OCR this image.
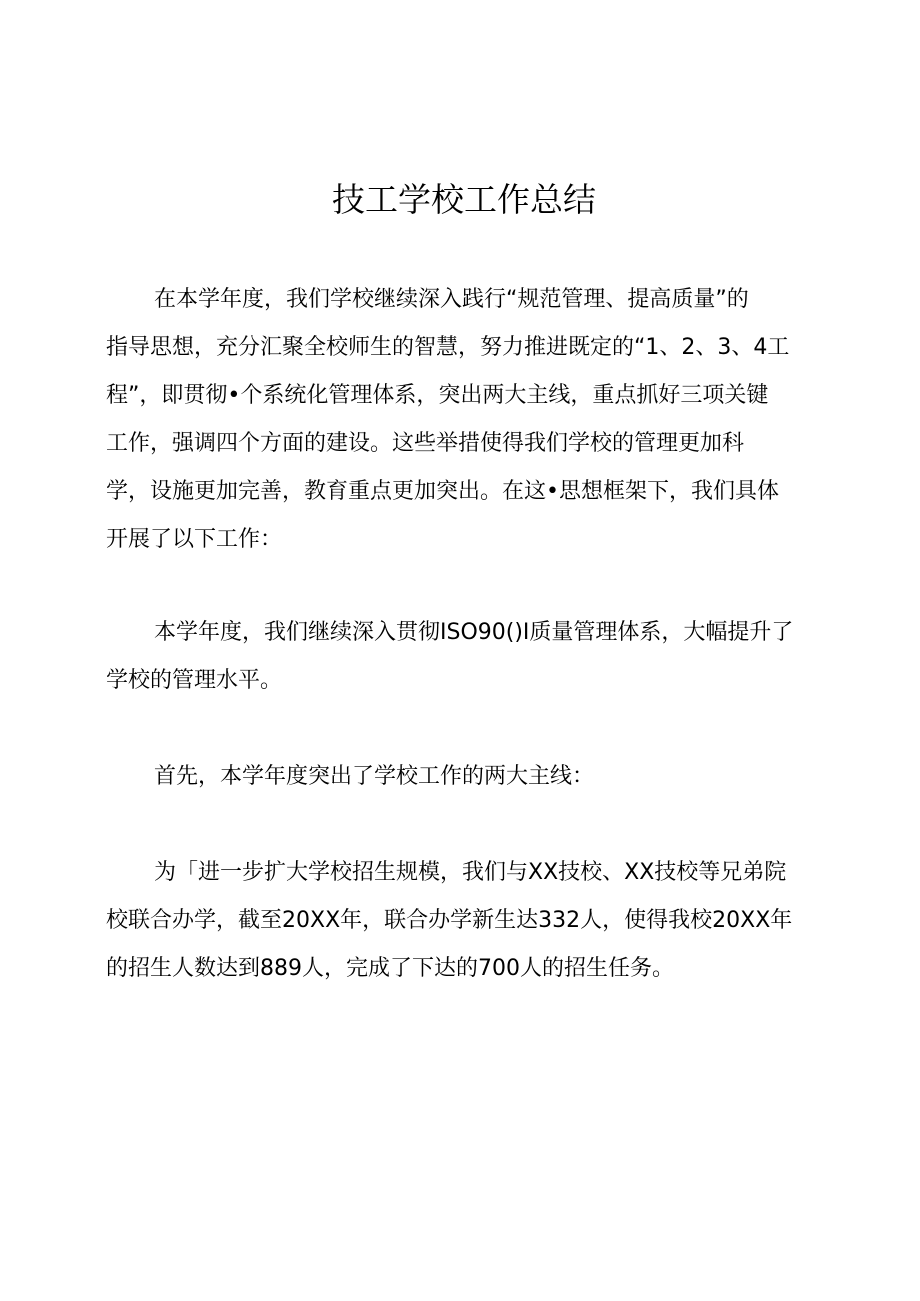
技工学校工作总结
在本学年度，我们学校继续深入践行“规范管理、提高质量”的
指导思想，充分汇聚全校师生的智慧，努力推进既定的“1、2、3、4工
程”，即贯彻•个系统化管理体系，突出两大主线，重点抓好三项关键
工作，强调四个方面的建设。这些举措使得我们学校的管理更加科
学，设施更加完善，教育重点更加突出。在这•思想框架下，我们具体
开展了以下工作：
本学年度，我们继续深入贯彻ISO90()I质量管理体系，大幅提升了
学校的管理水平。
首先，本学年度突出了学校工作的两大主线：
为「进一步扩大学校招生规模，我们与XX技校、XX技校等兄弟院
校联合办学，截至20XX年，联合办学新生达332人，使得我校20XX年
的招生人数达到889人，完成了下达的700人的招生任务。
